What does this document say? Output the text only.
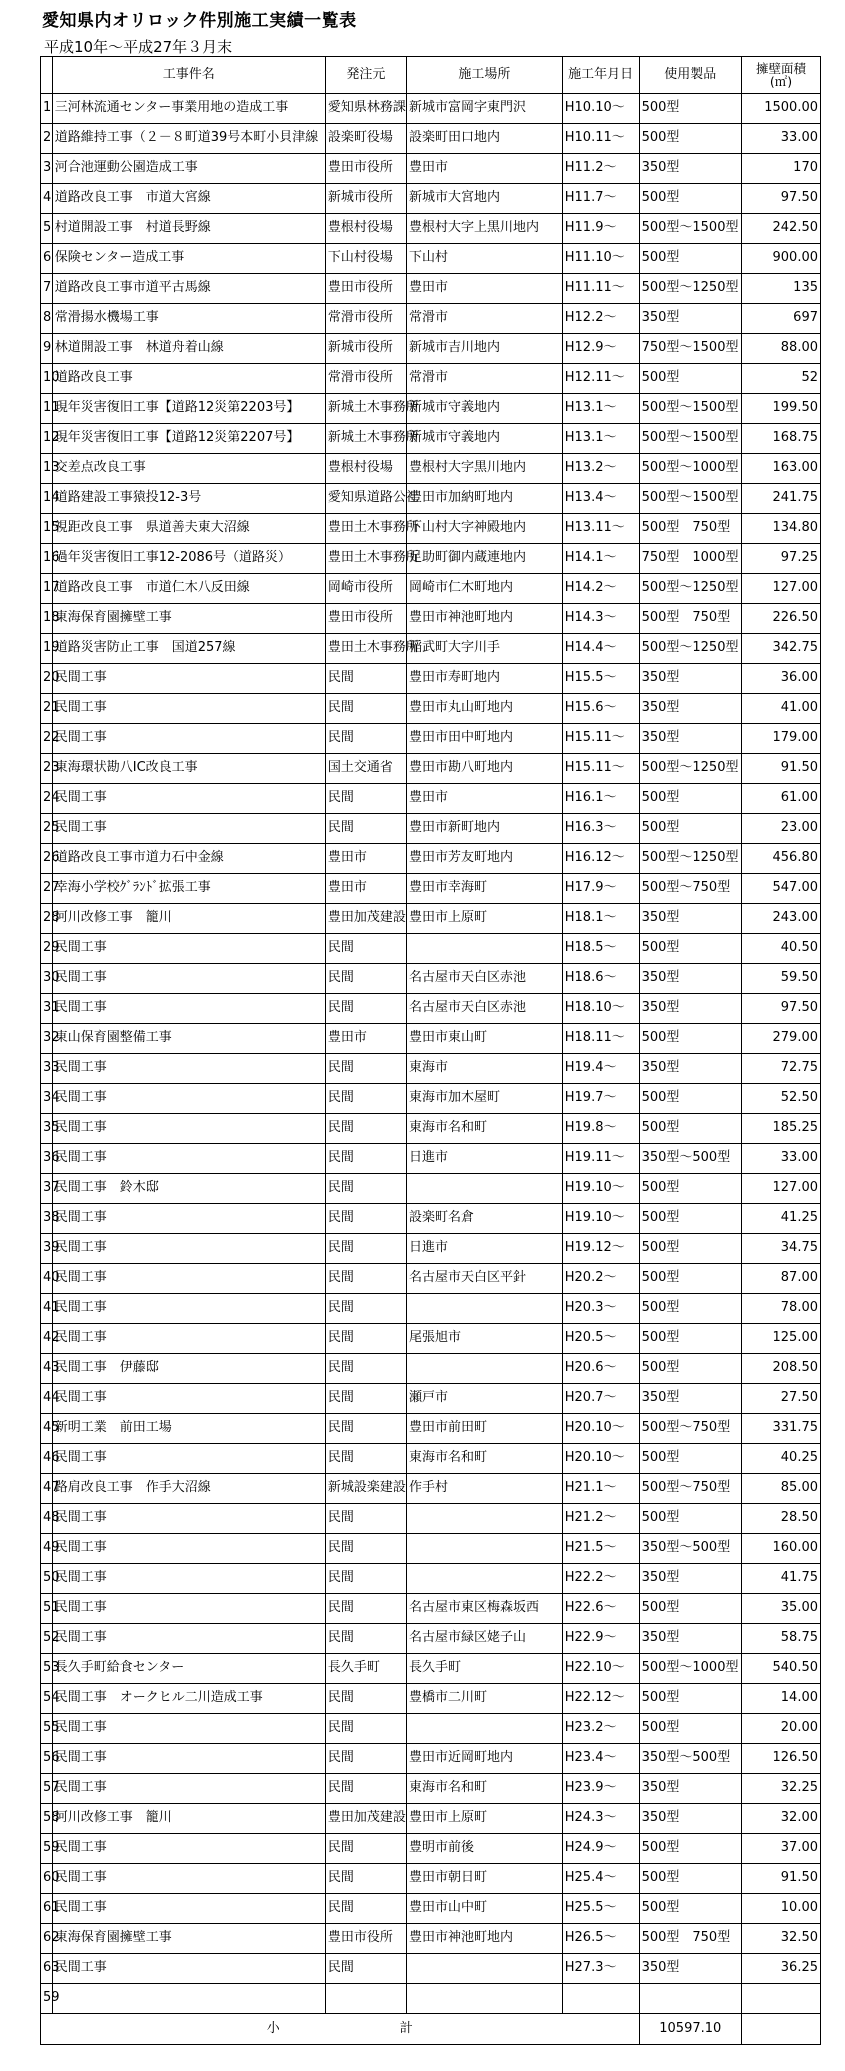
愛知県内オリロック件別施工実績一覧表
平成10年～平成27年３月末
	工事件名	発注元	施工場所	施工年月日	使用製品	擁壁面積
(㎡)

1	三河林流通センター事業用地の造成工事	愛知県林務課	新城市富岡字東門沢	H10.10～	500型	1500.00
2	道路維持工事（２－８町道39号本町小貝津線	設楽町役場	設楽町田口地内	H10.11～	500型	33.00
3	河合池運動公園造成工事	豊田市役所	豊田市	H11.2～	350型	170
4	道路改良工事　市道大宮線	新城市役所	新城市大宮地内	H11.7～	500型	97.50
5	村道開設工事　村道長野線	豊根村役場	豊根村大字上黒川地内	H11.9～	500型～1500型	242.50
6	保険センター造成工事	下山村役場	下山村	H11.10～	500型	900.00
7	道路改良工事市道平古馬線	豊田市役所	豊田市	H11.11～	500型～1250型	135
8	常滑揚水機場工事	常滑市役所	常滑市	H12.2～	350型	697
9	林道開設工事　林道舟着山線	新城市役所	新城市吉川地内	H12.9～	750型～1500型	88.00
10	道路改良工事	常滑市役所	常滑市	H12.11～	500型	52
11	現年災害復旧工事【道路12災第2203号】	新城土木事務所	新城市守義地内	H13.1～	500型～1500型	199.50
12	現年災害復旧工事【道路12災第2207号】	新城土木事務所	新城市守義地内	H13.1～	500型～1500型	168.75
13	交差点改良工事	豊根村役場	豊根村大字黒川地内	H13.2～	500型～1000型	163.00
14	道路建設工事猿投12-3号	愛知県道路公社	豊田市加納町地内	H13.4～	500型～1500型	241.75
15	視距改良工事　県道善夫東大沼線	豊田土木事務所	下山村大字神殿地内	H13.11～	500型　750型	134.80
16	過年災害復旧工事12-2086号（道路災）	豊田土木事務所	足助町御内蔵連地内	H14.1～	750型　1000型	97.25
17	道路改良工事　市道仁木八反田線	岡崎市役所	岡崎市仁木町地内	H14.2～	500型～1250型	127.00
18	東海保育園擁壁工事	豊田市役所	豊田市神池町地内	H14.3～	500型　750型	226.50
19	道路災害防止工事　国道257線	豊田土木事務所	稲武町大字川手	H14.4～	500型～1250型	342.75
20	民間工事	民間	豊田市寿町地内	H15.5～	350型	36.00
21	民間工事	民間	豊田市丸山町地内	H15.6～	350型	41.00
22	民間工事	民間	豊田市田中町地内	H15.11～	350型	179.00
23	東海環状勘八IC改良工事	国土交通省	豊田市勘八町地内	H15.11～	500型～1250型	91.50
24	民間工事	民間	豊田市	H16.1～	500型	61.00
25	民間工事	民間	豊田市新町地内	H16.3～	500型	23.00
26	道路改良工事市道力石中金線	豊田市	豊田市芳友町地内	H16.12～	500型～1250型	456.80
27	幸海小学校ｸﾞﾗﾝﾄﾞ拡張工事	豊田市	豊田市幸海町	H17.9～	500型～750型	547.00
28	河川改修工事　籠川	豊田加茂建設	豊田市上原町	H18.1～	350型	243.00
29	民間工事	民間		H18.5～	500型	40.50
30	民間工事	民間	名古屋市天白区赤池	H18.6～	350型	59.50
31	民間工事	民間	名古屋市天白区赤池	H18.10～	350型	97.50
32	東山保育園整備工事	豊田市	豊田市東山町	H18.11～	500型	279.00
33	民間工事	民間	東海市	H19.4～	350型	72.75
34	民間工事	民間	東海市加木屋町	H19.7～	500型	52.50
35	民間工事	民間	東海市名和町	H19.8～	500型	185.25
36	民間工事	民間	日進市	H19.11～	350型～500型	33.00
37	民間工事　鈴木邸	民間		H19.10～	500型	127.00
38	民間工事	民間	設楽町名倉	H19.10～	500型	41.25
39	民間工事	民間	日進市	H19.12～	500型	34.75
40	民間工事	民間	名古屋市天白区平針	H20.2～	500型	87.00
41	民間工事	民間		H20.3～	500型	78.00
42	民間工事	民間	尾張旭市	H20.5～	500型	125.00
43	民間工事　伊藤邸	民間		H20.6～	500型	208.50
44	民間工事	民間	瀬戸市	H20.7～	350型	27.50
45	新明工業　前田工場	民間	豊田市前田町	H20.10～	500型～750型	331.75
46	民間工事	民間	東海市名和町	H20.10～	500型	40.25
47	路肩改良工事　作手大沼線	新城設楽建設	作手村	H21.1～	500型～750型	85.00
48	民間工事	民間		H21.2～	500型	28.50
49	民間工事	民間		H21.5～	350型～500型	160.00
50	民間工事	民間		H22.2～	350型	41.75
51	民間工事	民間	名古屋市東区梅森坂西	H22.6～	500型	35.00
52	民間工事	民間	名古屋市緑区姥子山	H22.9～	350型	58.75
53	長久手町給食センター	長久手町	長久手町	H22.10～	500型～1000型	540.50
54	民間工事　オークヒル二川造成工事	民間	豊橋市二川町	H22.12～	500型	14.00
55	民間工事	民間		H23.2～	500型	20.00
56	民間工事	民間	豊田市近岡町地内	H23.4～	350型～500型	126.50
57	民間工事	民間	東海市名和町	H23.9～	350型	32.25
58	河川改修工事　籠川	豊田加茂建設	豊田市上原町	H24.3～	350型	32.00
59	民間工事	民間	豊明市前後	H24.9～	500型	37.00
60	民間工事	民間	豊田市朝日町	H25.4～	500型	91.50
61	民間工事	民間	豊田市山中町	H25.5～	500型	10.00
62	東海保育園擁壁工事	豊田市役所	豊田市神池町地内	H26.5～	500型　750型	32.50
63	民間工事	民間		H27.3～	350型	36.25
59						
小 計					10597.10	
